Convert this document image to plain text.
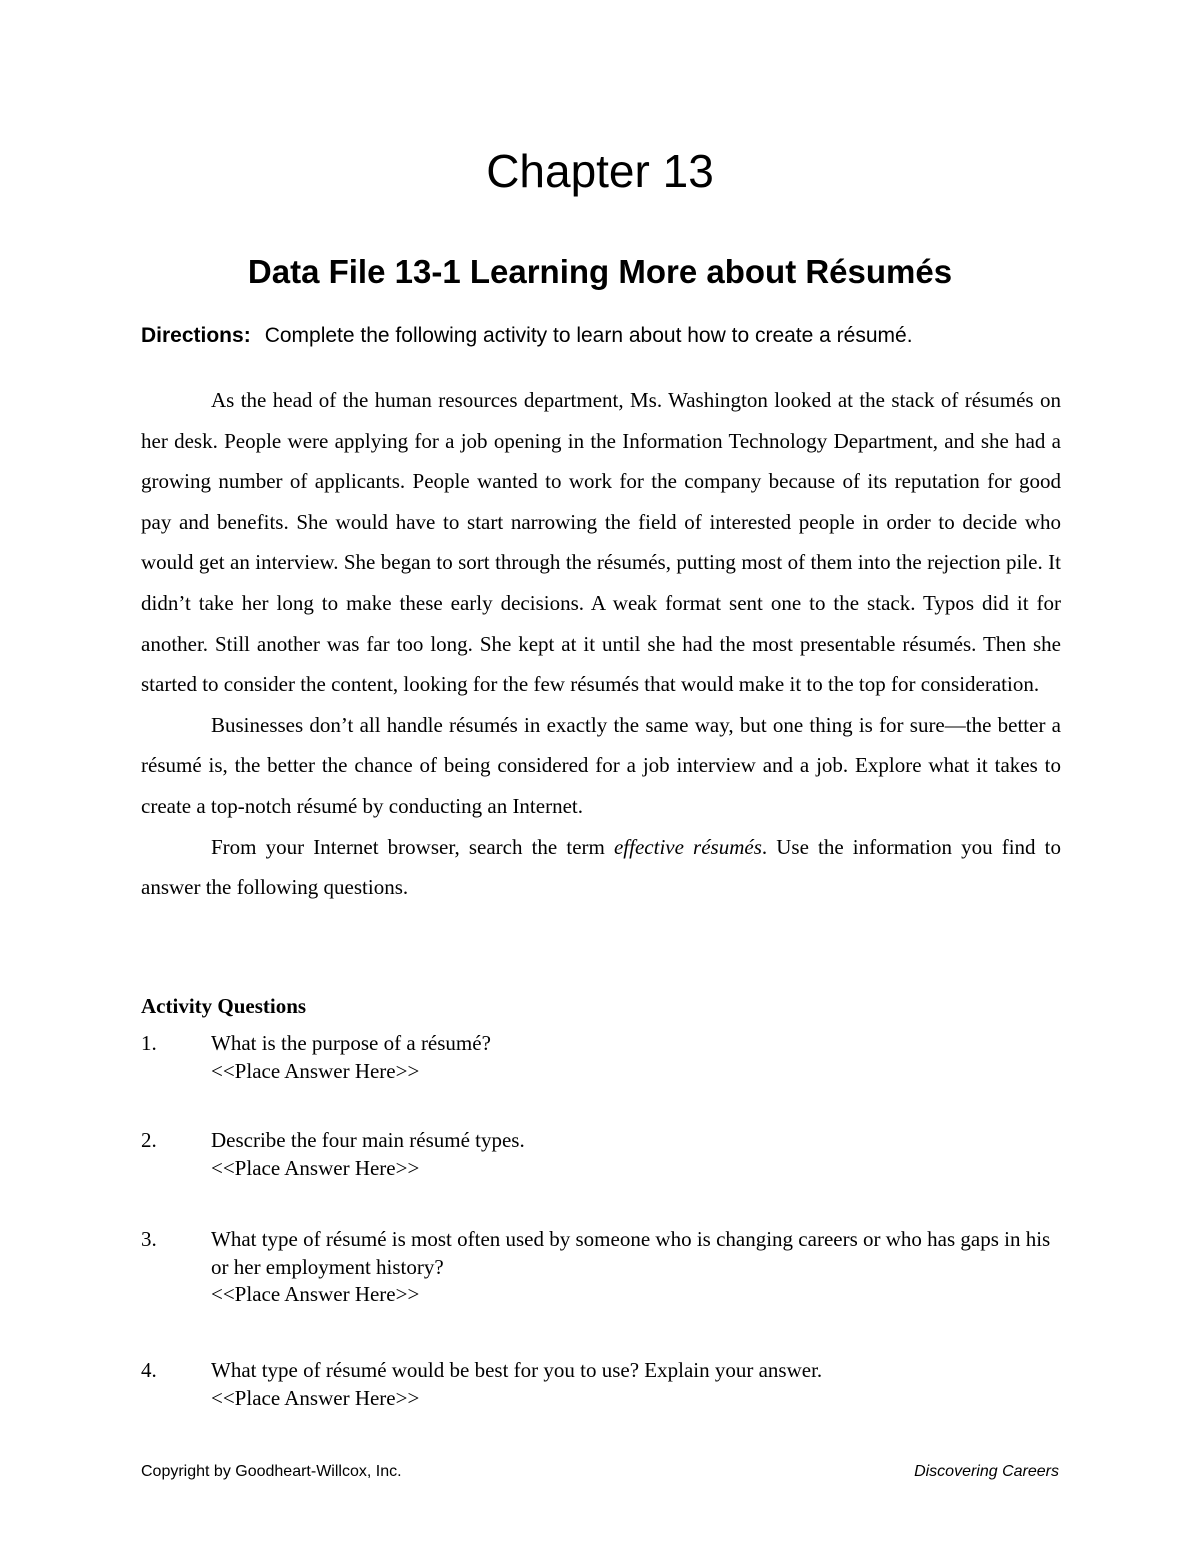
Chapter 13
Data File 13-1 Learning More about Résumés
Directions: Complete the following activity to learn about how to create a résumé.

As the head of the human resources department, Ms. Washington looked at the stack of résumés on her desk. People were applying for a job opening in the Information Technology Department, and she had a growing number of applicants. People wanted to work for the company because of its reputation for good pay and benefits. She would have to start narrowing the field of interested people in order to decide who would get an interview. She began to sort through the résumés, putting most of them into the rejection pile. It didn’t take her long to make these early decisions. A weak format sent one to the stack. Typos did it for another. Still another was far too long. She kept at it until she had the most presentable résumés. Then she started to consider the content, looking for the few résumés that would make it to the top for consideration.

Businesses don’t all handle résumés in exactly the same way, but one thing is for sure—the better a résumé is, the better the chance of being considered for a job interview and a job. Explore what it takes to create a top-notch résumé by conducting an Internet.

From your Internet browser, search the term effective résumés. Use the information you find to answer the following questions.

Activity Questions
1.	What is the purpose of a résumé?
<<Place Answer Here>>
2.	Describe the four main résumé types.
<<Place Answer Here>>
3.	What type of résumé is most often used by someone who is changing careers or who has gaps in his or her employment history?
<<Place Answer Here>>
4.	What type of résumé would be best for you to use? Explain your answer.
<<Place Answer Here>>
Copyright by Goodheart-Willcox, Inc.	Discovering Careers
